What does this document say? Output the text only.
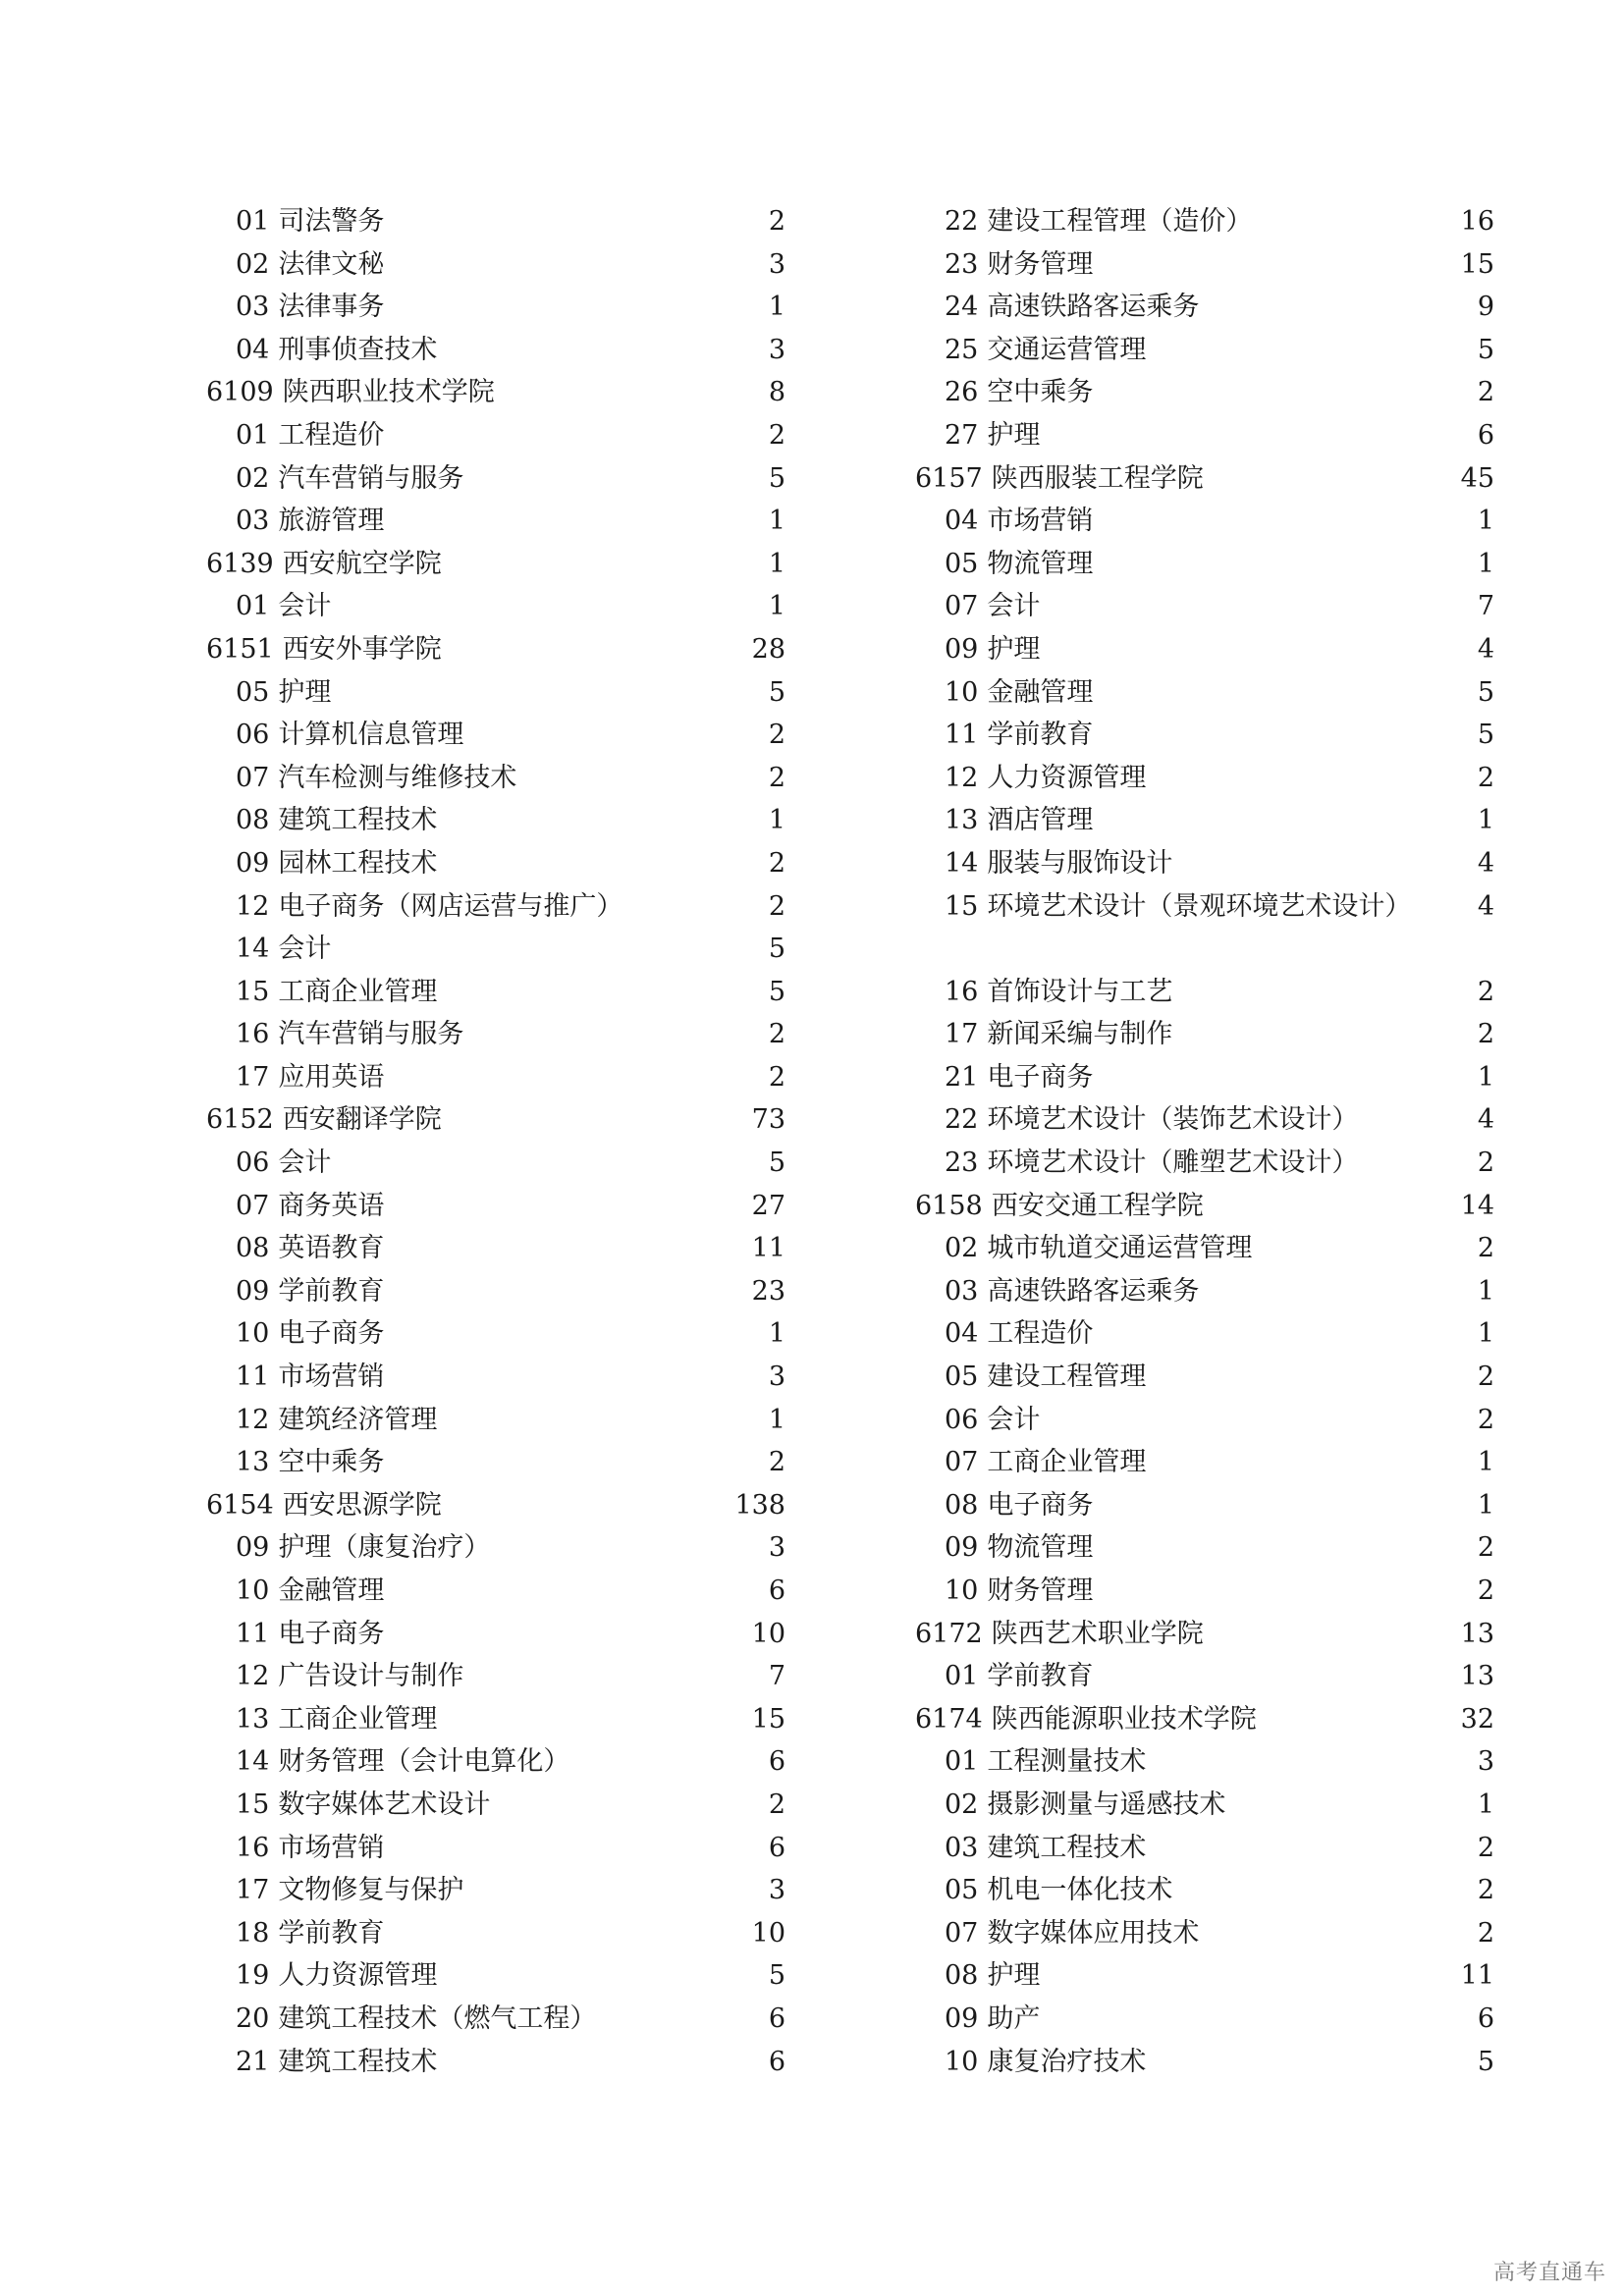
01 司法警务	2
02 法律文秘	3
03 法律事务	1
04 刑事侦查技术	3
6109 陕西职业技术学院	8
01 工程造价	2
02 汽车营销与服务	5
03 旅游管理	1
6139 西安航空学院	1
01 会计	1
6151 西安外事学院	28
05 护理	5
06 计算机信息管理	2
07 汽车检测与维修技术	2
08 建筑工程技术	1
09 园林工程技术	2
12 电子商务（网店运营与推广）	2
14 会计	5
15 工商企业管理	5
16 汽车营销与服务	2
17 应用英语	2
6152 西安翻译学院	73
06 会计	5
07 商务英语	27
08 英语教育	11
09 学前教育	23
10 电子商务	1
11 市场营销	3
12 建筑经济管理	1
13 空中乘务	2
6154 西安思源学院	138
09 护理（康复治疗）	3
10 金融管理	6
11 电子商务	10
12 广告设计与制作	7
13 工商企业管理	15
14 财务管理（会计电算化）	6
15 数字媒体艺术设计	2
16 市场营销	6
17 文物修复与保护	3
18 学前教育	10
19 人力资源管理	5
20 建筑工程技术（燃气工程）	6
21 建筑工程技术	6
22 建设工程管理（造价）	16
23 财务管理	15
24 高速铁路客运乘务	9
25 交通运营管理	5
26 空中乘务	2
27 护理	6
6157 陕西服装工程学院	45
04 市场营销	1
05 物流管理	1
07 会计	7
09 护理	4
10 金融管理	5
11 学前教育	5
12 人力资源管理	2
13 酒店管理	1
14 服装与服饰设计	4
15 环境艺术设计（景观环境艺术设计） 4
16 首饰设计与工艺	2
17 新闻采编与制作	2
21 电子商务	1
22 环境艺术设计（装饰艺术设计）	4
23 环境艺术设计（雕塑艺术设计）	2
6158 西安交通工程学院	14
02 城市轨道交通运营管理	2
03 高速铁路客运乘务	1
04 工程造价	1
05 建设工程管理	2
06 会计	2
07 工商企业管理	1
08 电子商务	1
09 物流管理	2
10 财务管理	2
6172 陕西艺术职业学院	13
01 学前教育	13
6174 陕西能源职业技术学院	32
01 工程测量技术	3
02 摄影测量与遥感技术	1
03 建筑工程技术	2
05 机电一体化技术	2
07 数字媒体应用技术	2
08 护理	11
09 助产	6
10 康复治疗技术	5
高考直通车
